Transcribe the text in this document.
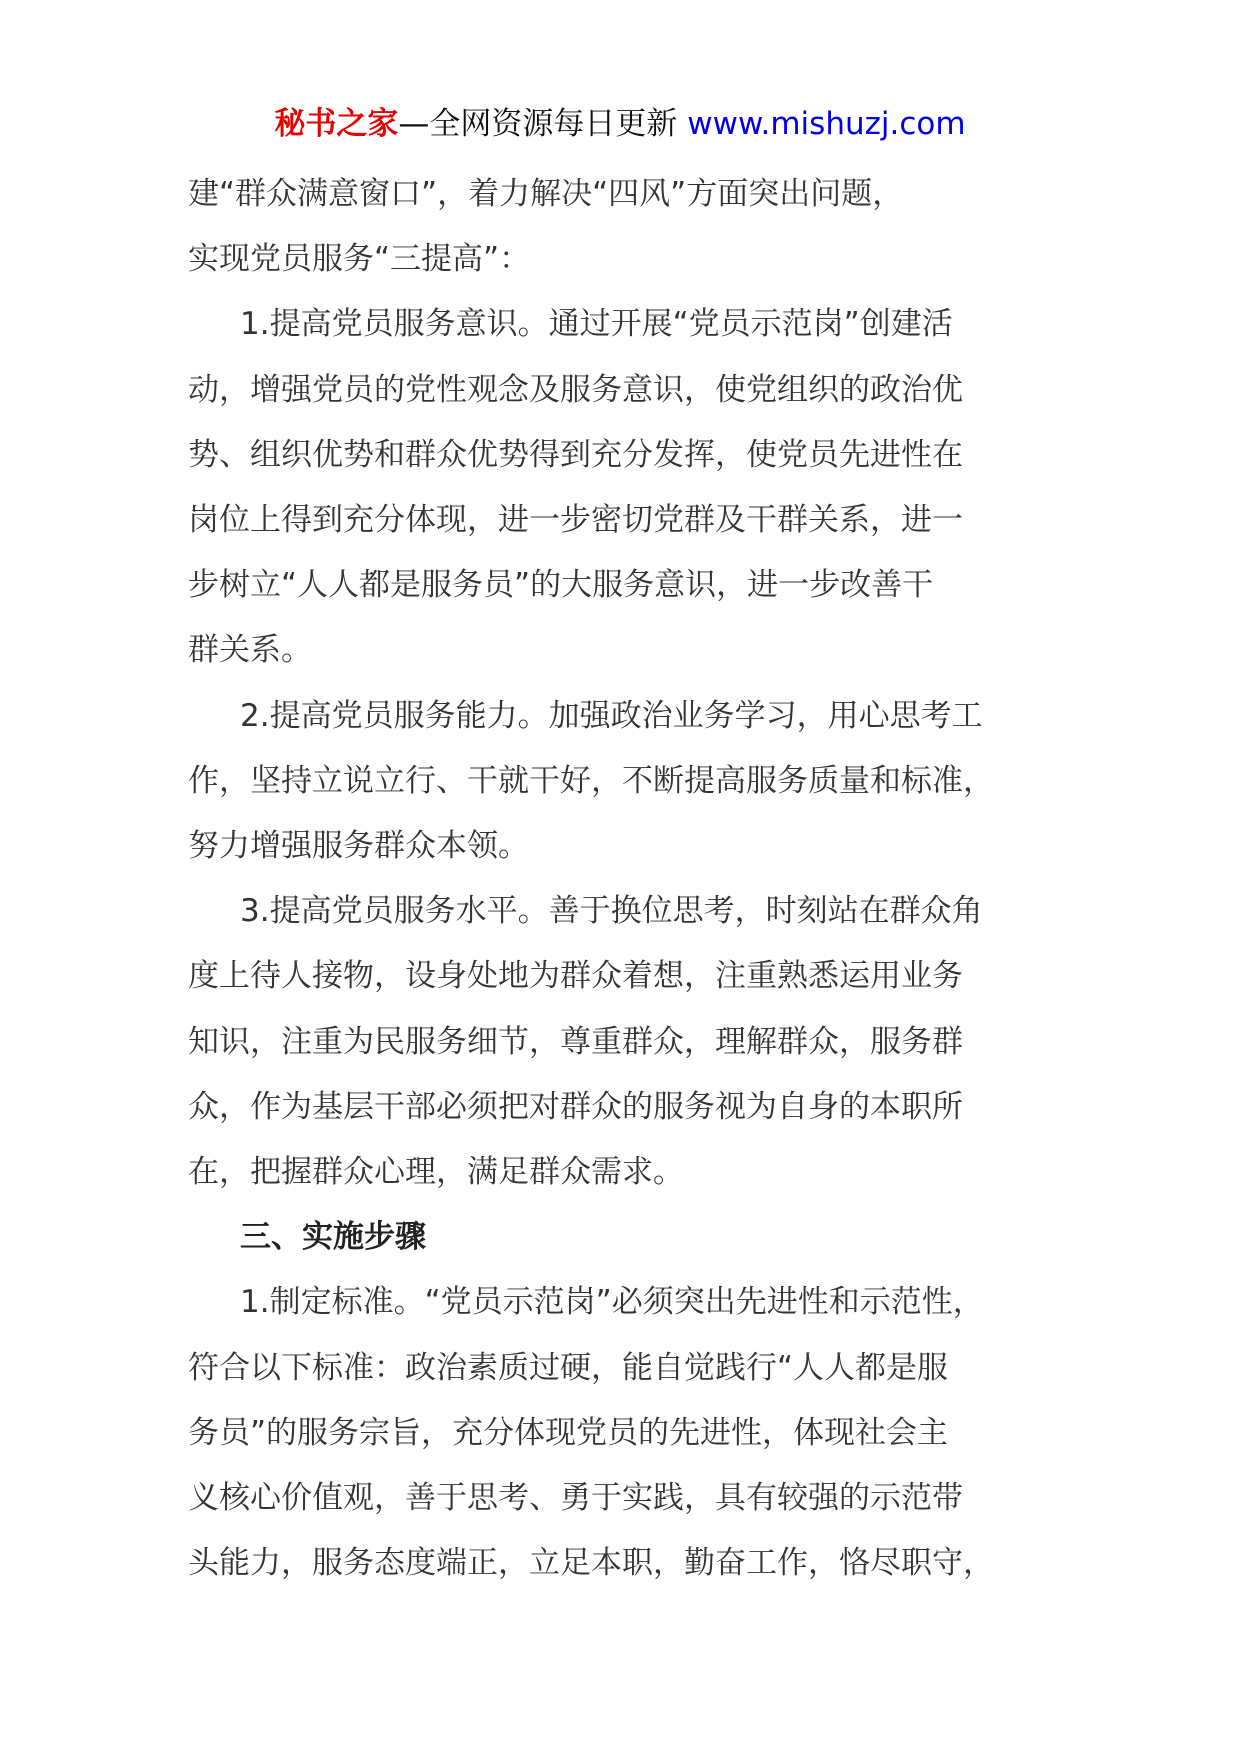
秘书之家—全网资源每日更新 www.mishuzj.com

建“群众满意窗口”，着力解决“四风”方面突出问题，

实现党员服务“三提高”：

1.提高党员服务意识。通过开展“党员示范岗”创建活

动，增强党员的党性观念及服务意识，使党组织的政治优

势、组织优势和群众优势得到充分发挥，使党员先进性在

岗位上得到充分体现，进一步密切党群及干群关系，进一

步树立“人人都是服务员”的大服务意识，进一步改善干

群关系。

2.提高党员服务能力。加强政治业务学习，用心思考工

作，坚持立说立行、干就干好，不断提高服务质量和标准，

努力增强服务群众本领。

3.提高党员服务水平。善于换位思考，时刻站在群众角

度上待人接物，设身处地为群众着想，注重熟悉运用业务

知识，注重为民服务细节，尊重群众，理解群众，服务群

众，作为基层干部必须把对群众的服务视为自身的本职所

在，把握群众心理，满足群众需求。

三、实施步骤

1.制定标准。“党员示范岗”必须突出先进性和示范性，

符合以下标准：政治素质过硬，能自觉践行“人人都是服

务员”的服务宗旨，充分体现党员的先进性，体现社会主

义核心价值观，善于思考、勇于实践，具有较强的示范带

头能力，服务态度端正，立足本职，勤奋工作，恪尽职守，
